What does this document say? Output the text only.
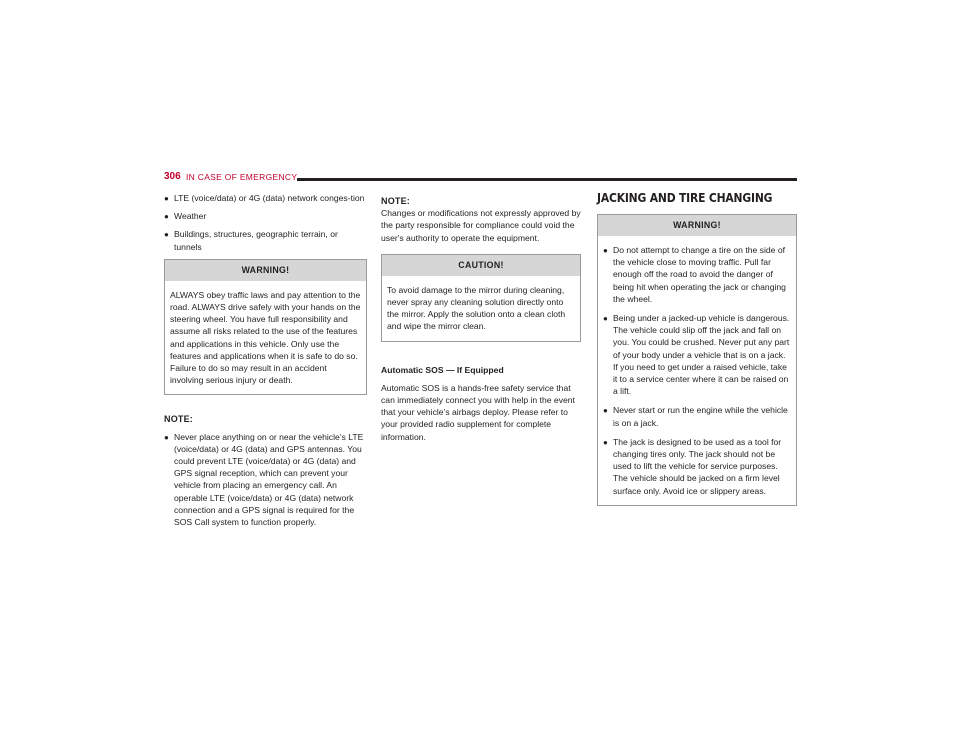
306 IN CASE OF EMERGENCY
● LTE (voice/data) or 4G (data) network conges-tion
● Weather
● Buildings, structures, geographic terrain, or tunnels
WARNING!
ALWAYS obey traffic laws and pay attention to the road. ALWAYS drive safely with your hands on the steering wheel. You have full responsibility and assume all risks related to the use of the features and applications in this vehicle. Only use the features and applications when it is safe to do so. Failure to do so may result in an accident involving serious injury or death.
NOTE:
● Never place anything on or near the vehicle’s LTE (voice/data) or 4G (data) and GPS antennas. You could prevent LTE (voice/data) or 4G (data) and GPS signal reception, which can prevent your vehicle from placing an emergency call. An operable LTE (voice/data) or 4G (data) network connection and a GPS signal is required for the SOS Call system to function properly.
NOTE:
Changes or modifications not expressly approved by the party responsible for compliance could void the user's authority to operate the equipment.
CAUTION!
To avoid damage to the mirror during cleaning, never spray any cleaning solution directly onto the mirror. Apply the solution onto a clean cloth and wipe the mirror clean.
Automatic SOS — If Equipped
Automatic SOS is a hands-free safety service that can immediately connect you with help in the event that your vehicle’s airbags deploy. Please refer to your provided radio supplement for complete information.
JACKING AND TIRE CHANGING
WARNING!
● Do not attempt to change a tire on the side of the vehicle close to moving traffic. Pull far enough off the road to avoid the danger of being hit when operating the jack or changing the wheel.
● Being under a jacked-up vehicle is dangerous. The vehicle could slip off the jack and fall on you. You could be crushed. Never put any part of your body under a vehicle that is on a jack. If you need to get under a raised vehicle, take it to a service center where it can be raised on a lift.
● Never start or run the engine while the vehicle is on a jack.
● The jack is designed to be used as a tool for changing tires only. The jack should not be used to lift the vehicle for service purposes. The vehicle should be jacked on a firm level surface only. Avoid ice or slippery areas.
